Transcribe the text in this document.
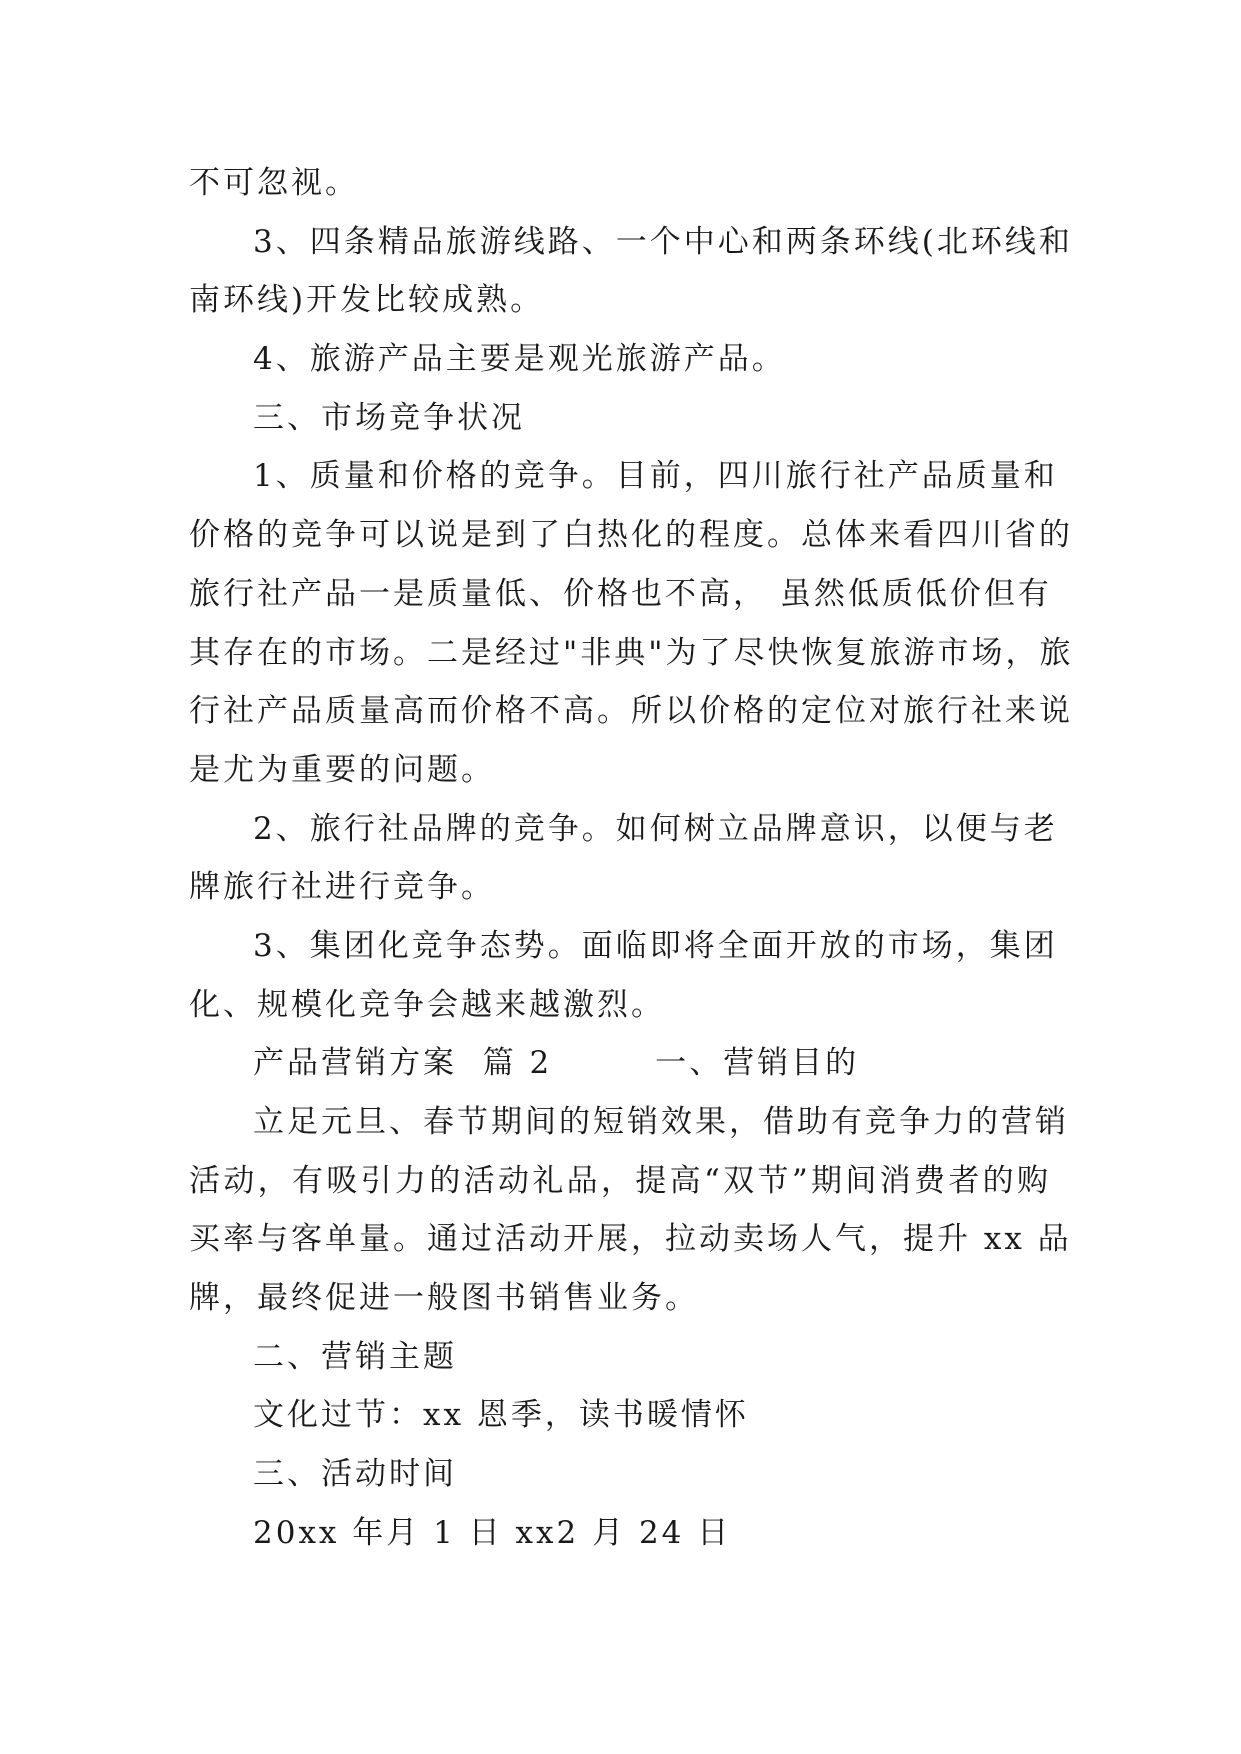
不可忽视。
3、四条精品旅游线路、一个中心和两条环线(北环线和
南环线)开发比较成熟。
4、旅游产品主要是观光旅游产品。
三、市场竞争状况
1、质量和价格的竞争。目前，四川旅行社产品质量和
价格的竞争可以说是到了白热化的程度。总体来看四川省的
旅行社产品一是质量低、价格也不高， 虽然低质低价但有
其存在的市场。二是经过"非典"为了尽快恢复旅游市场，旅
行社产品质量高而价格不高。所以价格的定位对旅行社来说
是尤为重要的问题。
2、旅行社品牌的竞争。如何树立品牌意识，以便与老
牌旅行社进行竞争。
3、集团化竞争态势。面临即将全面开放的市场，集团
化、规模化竞争会越来越激烈。
产品营销方案  篇 2        一、营销目的
立足元旦、春节期间的短销效果，借助有竞争力的营销
活动，有吸引力的活动礼品，提高“双节”期间消费者的购
买率与客单量。通过活动开展，拉动卖场人气，提升 xx 品
牌，最终促进一般图书销售业务。
二、营销主题
文化过节：xx 恩季，读书暖情怀
三、活动时间
20xx 年月 1 日 xx2 月 24 日
